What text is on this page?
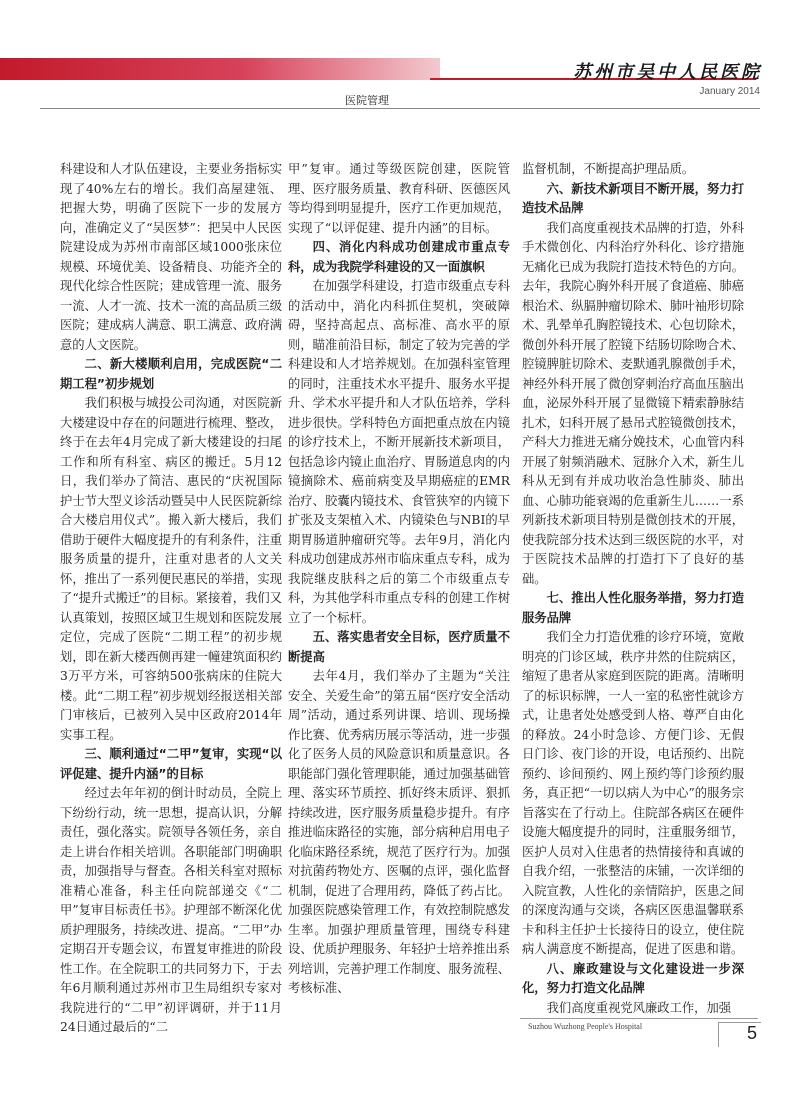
苏州市吴中人民医院
January 2014
医院管理

科建设和人才队伍建设，主要业务指标实现了40%左右的增长。我们高屋建瓴、把握大势，明确了医院下一步的发展方向，准确定义了“吴医梦”：把吴中人民医院建设成为苏州市南部区域1000张床位规模、环境优美、设备精良、功能齐全的现代化综合性医院；建成管理一流、服务一流、人才一流、技术一流的高品质三级医院；建成病人满意、职工满意、政府满意的人文医院。

二、新大楼顺利启用，完成医院“二期工程”初步规划

我们积极与城投公司沟通，对医院新大楼建设中存在的问题进行梳理、整改，终于在去年4月完成了新大楼建设的扫尾工作和所有科室、病区的搬迁。5月12日，我们举办了简洁、惠民的“庆祝国际护士节大型义诊活动暨吴中人民医院新综合大楼启用仪式”。搬入新大楼后，我们借助于硬件大幅度提升的有利条件，注重服务质量的提升，注重对患者的人文关怀，推出了一系列便民惠民的举措，实现了“提升式搬迁”的目标。紧接着，我们又认真策划，按照区域卫生规划和医院发展定位，完成了医院“二期工程”的初步规划，即在新大楼西侧再建一幢建筑面积约3万平方米，可容纳500张病床的住院大楼。此“二期工程”初步规划经报送相关部门审核后，已被列入吴中区政府2014年实事工程。

三、顺利通过“二甲”复审，实现“以评促建、提升内涵”的目标

经过去年年初的倒计时动员，全院上下纷纷行动，统一思想，提高认识，分解责任，强化落实。院领导各领任务，亲自走上讲台作相关培训。各职能部门明确职责，加强指导与督查。各相关科室对照标准精心准备，科主任向院部递交《“二甲”复审目标责任书》。护理部不断深化优质护理服务，持续改进、提高。“二甲”办定期召开专题会议，布置复审推进的阶段性工作。在全院职工的共同努力下，于去年6月顺利通过苏州市卫生局组织专家对我院进行的“二甲”初评调研，并于11月24日通过最后的“二

甲”复审。通过等级医院创建，医院管理、医疗服务质量、教育科研、医德医风等均得到明显提升，医疗工作更加规范，实现了“以评促建、提升内涵”的目标。

四、消化内科成功创建成市重点专科，成为我院学科建设的又一面旗帜

在加强学科建设，打造市级重点专科的活动中，消化内科抓住契机，突破障碍，坚持高起点、高标准、高水平的原则，瞄准前沿目标，制定了较为完善的学科建设和人才培养规划。在加强科室管理的同时，注重技术水平提升、服务水平提升、学术水平提升和人才队伍培养，学科进步很快。学科特色方面把重点放在内镜的诊疗技术上，不断开展新技术新项目，包括急诊内镜止血治疗、胃肠道息肉的内镜摘除术、癌前病变及早期癌症的EMR治疗、胶囊内镜技术、食管狭窄的内镜下扩张及支架植入术、内镜染色与NBI的早期胃肠道肿瘤研究等。去年9月，消化内科成功创建成苏州市临床重点专科，成为我院继皮肤科之后的第二个市级重点专科，为其他学科市重点专科的创建工作树立了一个标杆。

五、落实患者安全目标，医疗质量不断提高

去年4月，我们举办了主题为“关注安全、关爱生命”的第五届“医疗安全活动周”活动，通过系列讲课、培训、现场操作比赛、优秀病历展示等活动，进一步强化了医务人员的风险意识和质量意识。各职能部门强化管理职能，通过加强基础管理、落实环节质控、抓好终末质评、狠抓持续改进，医疗服务质量稳步提升。有序推进临床路径的实施，部分病种启用电子化临床路径系统，规范了医疗行为。加强对抗菌药物处方、医嘱的点评，强化监督机制，促进了合理用药，降低了药占比。加强医院感染管理工作，有效控制院感发生率。加强护理质量管理，围绕专科建设、优质护理服务、年轻护士培养推出系列培训，完善护理工作制度、服务流程、考核标准、

监督机制，不断提高护理品质。

六、新技术新项目不断开展，努力打造技术品牌

我们高度重视技术品牌的打造，外科手术微创化、内科治疗外科化、诊疗措施无痛化已成为我院打造技术特色的方向。去年，我院心胸外科开展了食道癌、肺癌根治术、纵膈肿瘤切除术、肺叶袖形切除术、乳晕单孔胸腔镜技术、心包切除术，微创外科开展了腔镜下结肠切除吻合术、腔镜脾脏切除术、麦默通乳腺微创手术，神经外科开展了微创穿刺治疗高血压脑出血，泌尿外科开展了显微镜下精索静脉结扎术，妇科开展了悬吊式腔镜微创技术，产科大力推进无痛分娩技术，心血管内科开展了射频消融术、冠脉介入术，新生儿科从无到有并成功收治急性肺炎、肺出血、心肺功能衰竭的危重新生儿……一系列新技术新项目特别是微创技术的开展，使我院部分技术达到三级医院的水平，对于医院技术品牌的打造打下了良好的基础。

七、推出人性化服务举措，努力打造服务品牌

我们全力打造优雅的诊疗环境，宽敞明亮的门诊区域，秩序井然的住院病区，缩短了患者从家庭到医院的距离。清晰明了的标识标牌，一人一室的私密性就诊方式，让患者处处感受到人格、尊严自由化的释放。24小时急诊、方便门诊、无假日门诊、夜门诊的开设，电话预约、出院预约、诊间预约、网上预约等门诊预约服务，真正把“一切以病人为中心”的服务宗旨落实在了行动上。住院部各病区在硬件设施大幅度提升的同时，注重服务细节，医护人员对入住患者的热情接待和真诚的自我介绍，一张整洁的床铺，一次详细的入院宣教，人性化的亲情陪护，医患之间的深度沟通与交谈，各病区医患温馨联系卡和科主任护士长接待日的设立，使住院病人满意度不断提高，促进了医患和谐。

八、廉政建设与文化建设进一步深化，努力打造文化品牌

我们高度重视党风廉政工作，加强

Suzhou Wuzhong People's Hospital	5
